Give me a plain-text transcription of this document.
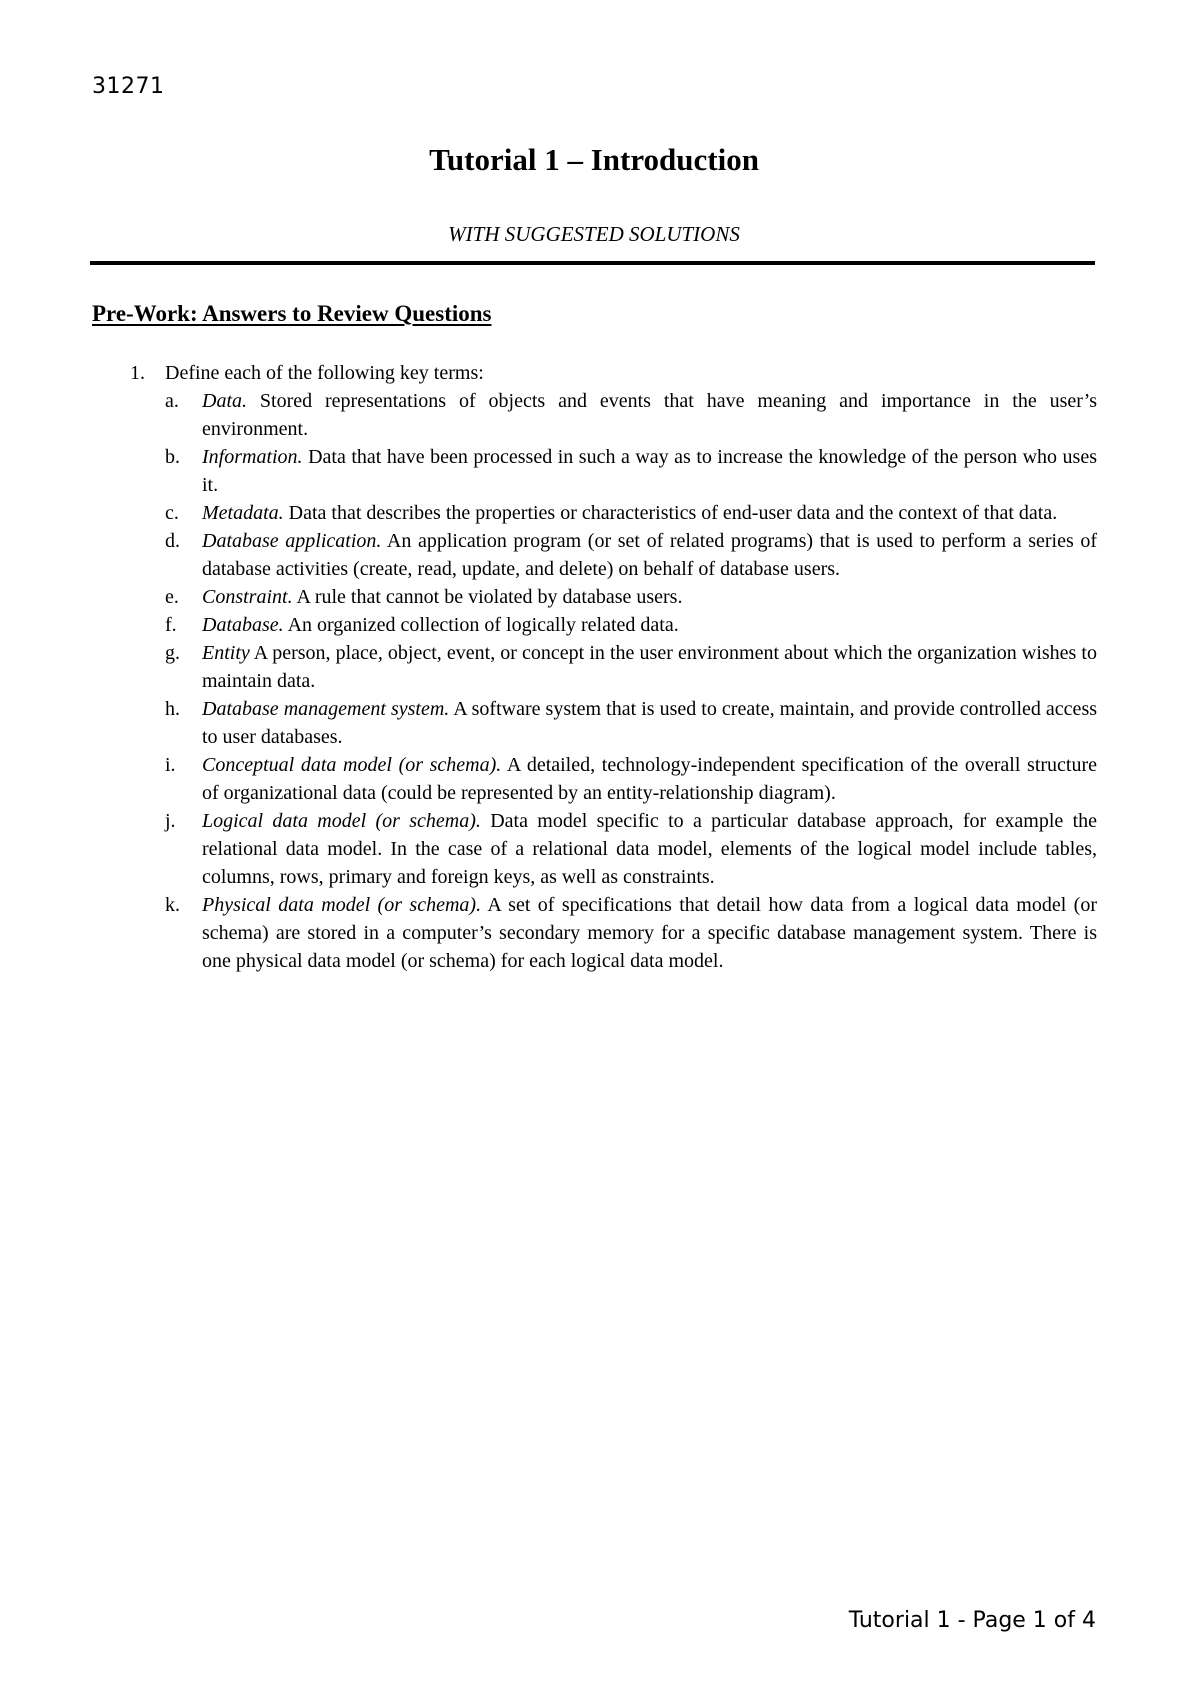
31271
Tutorial 1 – Introduction
WITH SUGGESTED SOLUTIONS
Pre-Work: Answers to Review Questions
1. Define each of the following key terms:
a. Data. Stored representations of objects and events that have meaning and importance in the user’s environment.
b. Information. Data that have been processed in such a way as to increase the knowledge of the person who uses it.
c. Metadata. Data that describes the properties or characteristics of end-user data and the context of that data.
d. Database application. An application program (or set of related programs) that is used to perform a series of database activities (create, read, update, and delete) on behalf of database users.
e. Constraint. A rule that cannot be violated by database users.
f. Database. An organized collection of logically related data.
g. Entity A person, place, object, event, or concept in the user environment about which the organization wishes to maintain data.
h. Database management system. A software system that is used to create, maintain, and provide controlled access to user databases.
i. Conceptual data model (or schema). A detailed, technology-independent specification of the overall structure of organizational data (could be represented by an entity-relationship diagram).
j. Logical data model (or schema). Data model specific to a particular database approach, for example the relational data model. In the case of a relational data model, elements of the logical model include tables, columns, rows, primary and foreign keys, as well as constraints.
k. Physical data model (or schema). A set of specifications that detail how data from a logical data model (or schema) are stored in a computer’s secondary memory for a specific database management system. There is one physical data model (or schema) for each logical data model.
Tutorial 1 - Page 1 of 4
